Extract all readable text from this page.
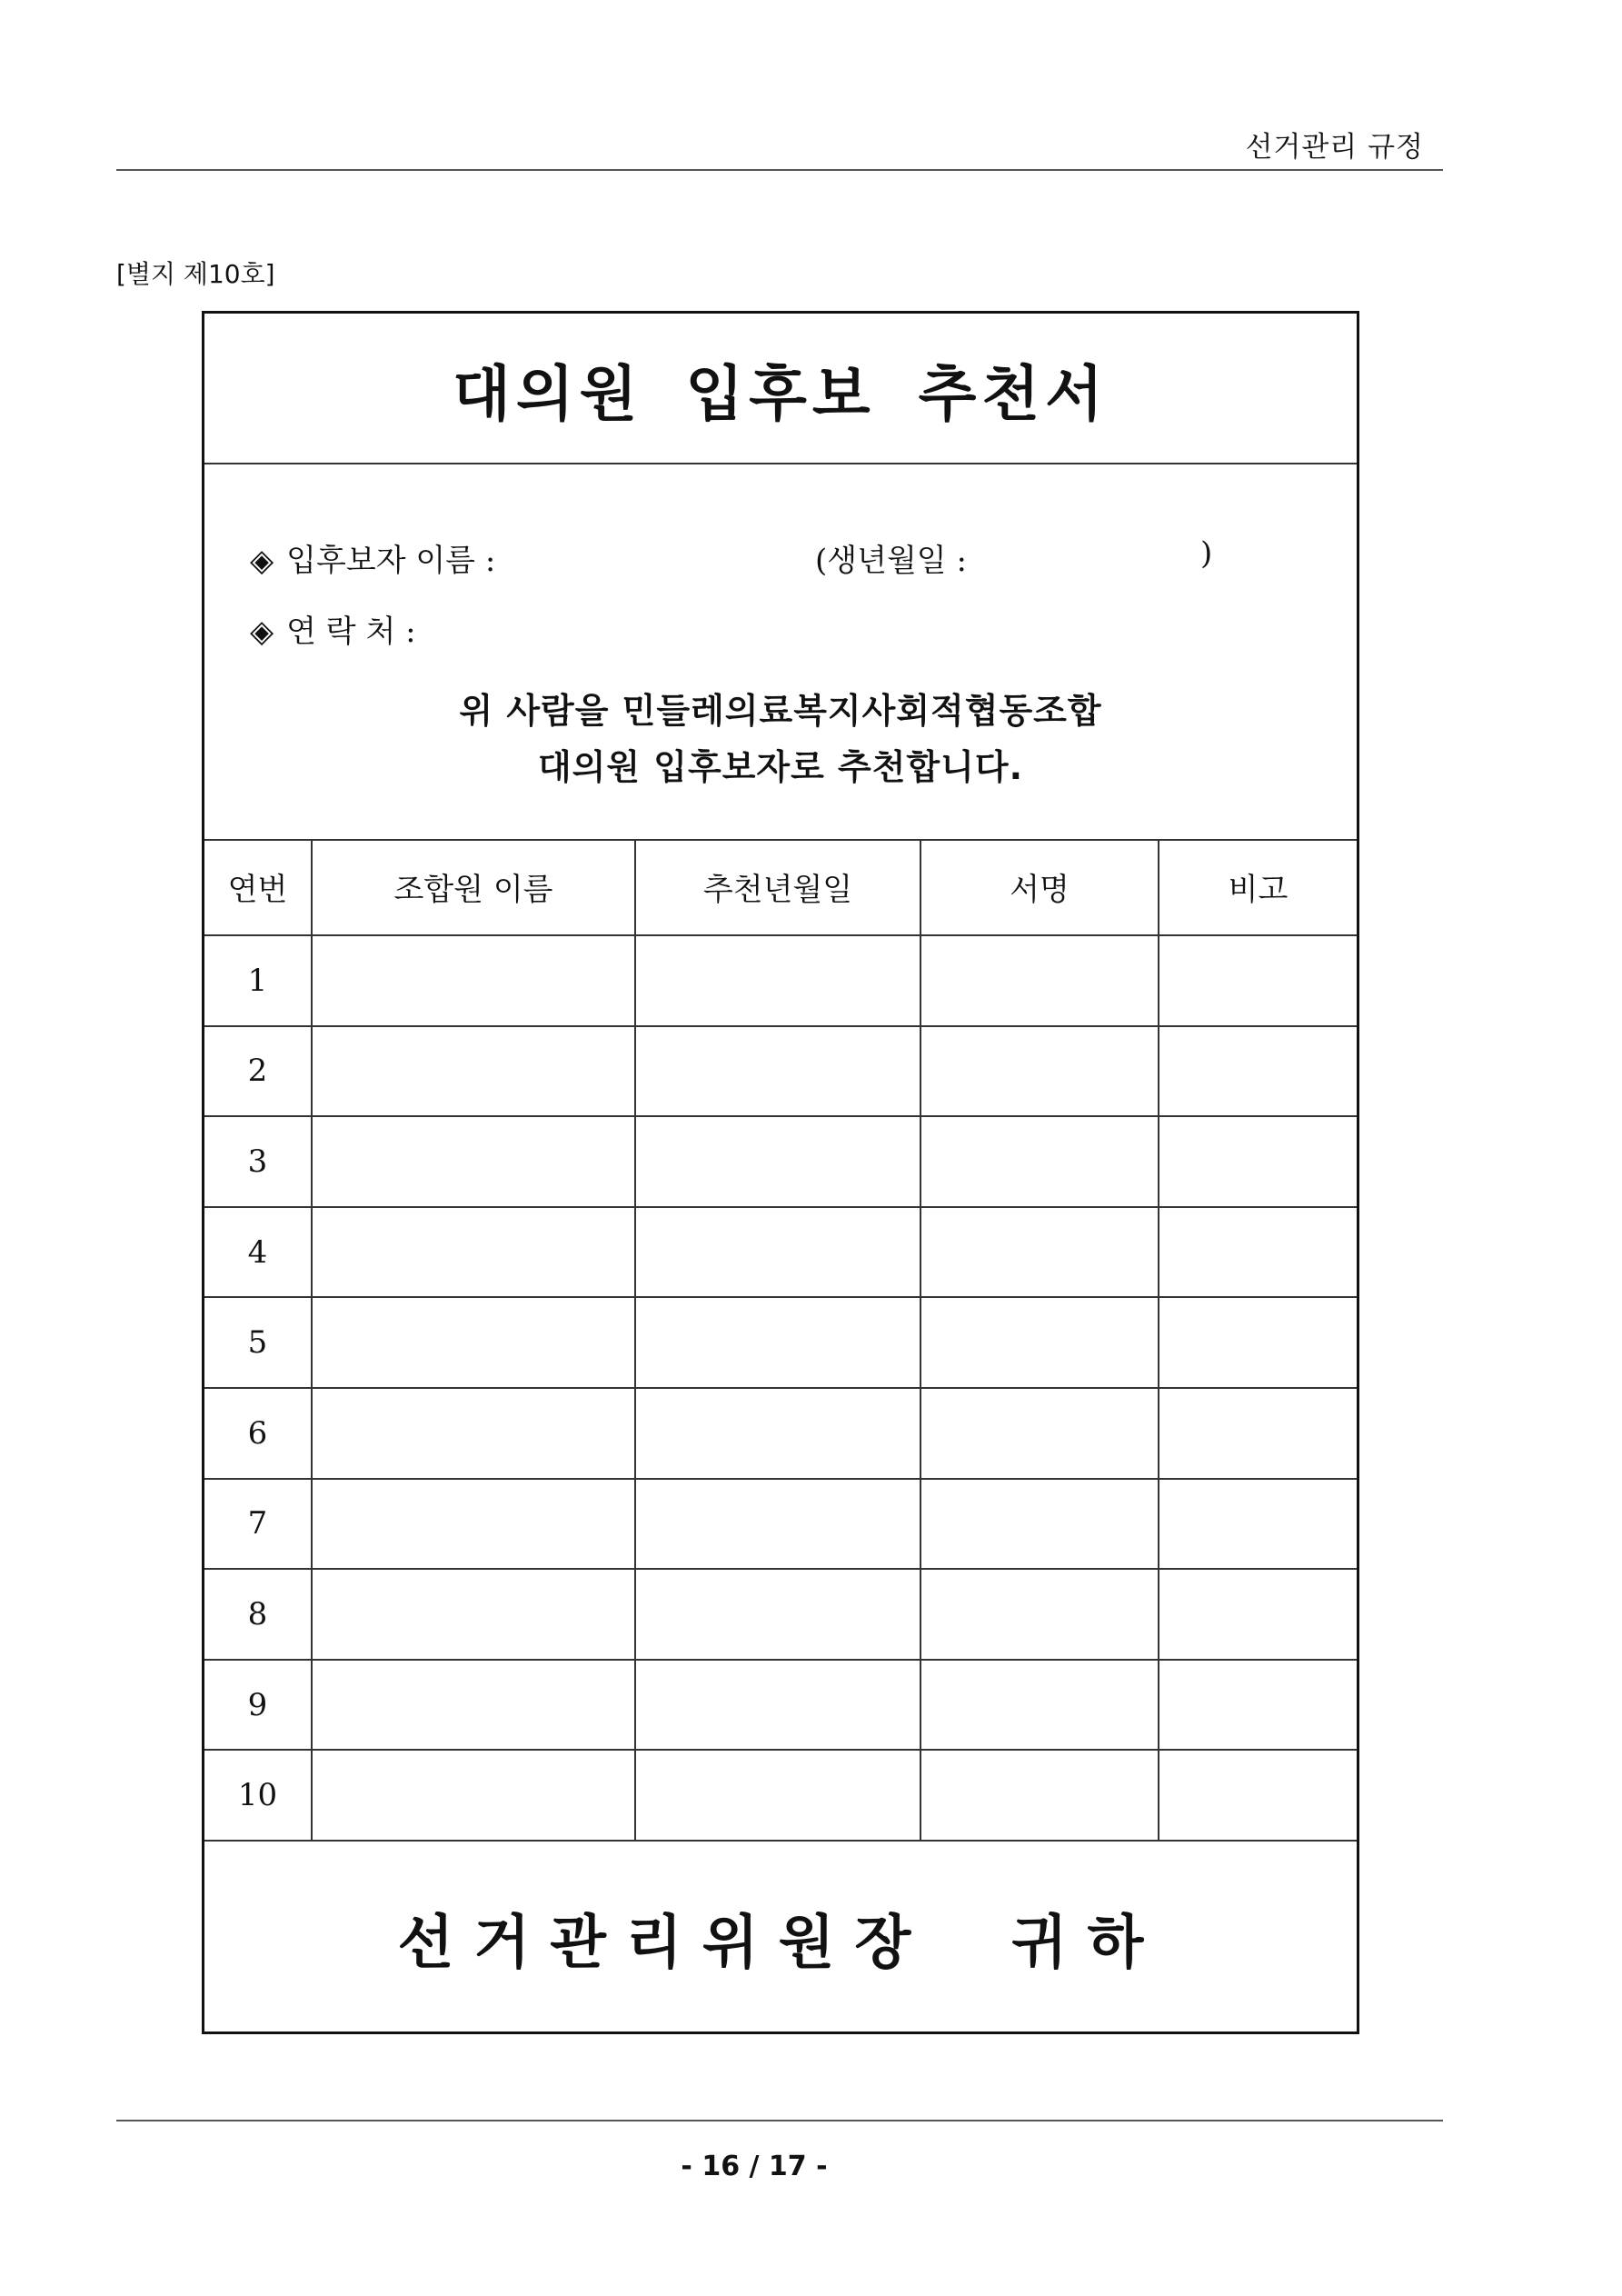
선거관리 규정
[별지 제10호]
대의원 입후보 추천서
◈ 입후보자 이름 :	(생년월일 :	)
◈ 연 락 처 :
위 사람을 민들레의료복지사회적협동조합
대의원 입후보자로 추천합니다.
연번	조합원 이름	추천년월일	서명	비고
1				
2				
3				
4				
5				
6				
7				
8				
9				
10				
선거관리위원장  귀하
- 16 / 17 -
